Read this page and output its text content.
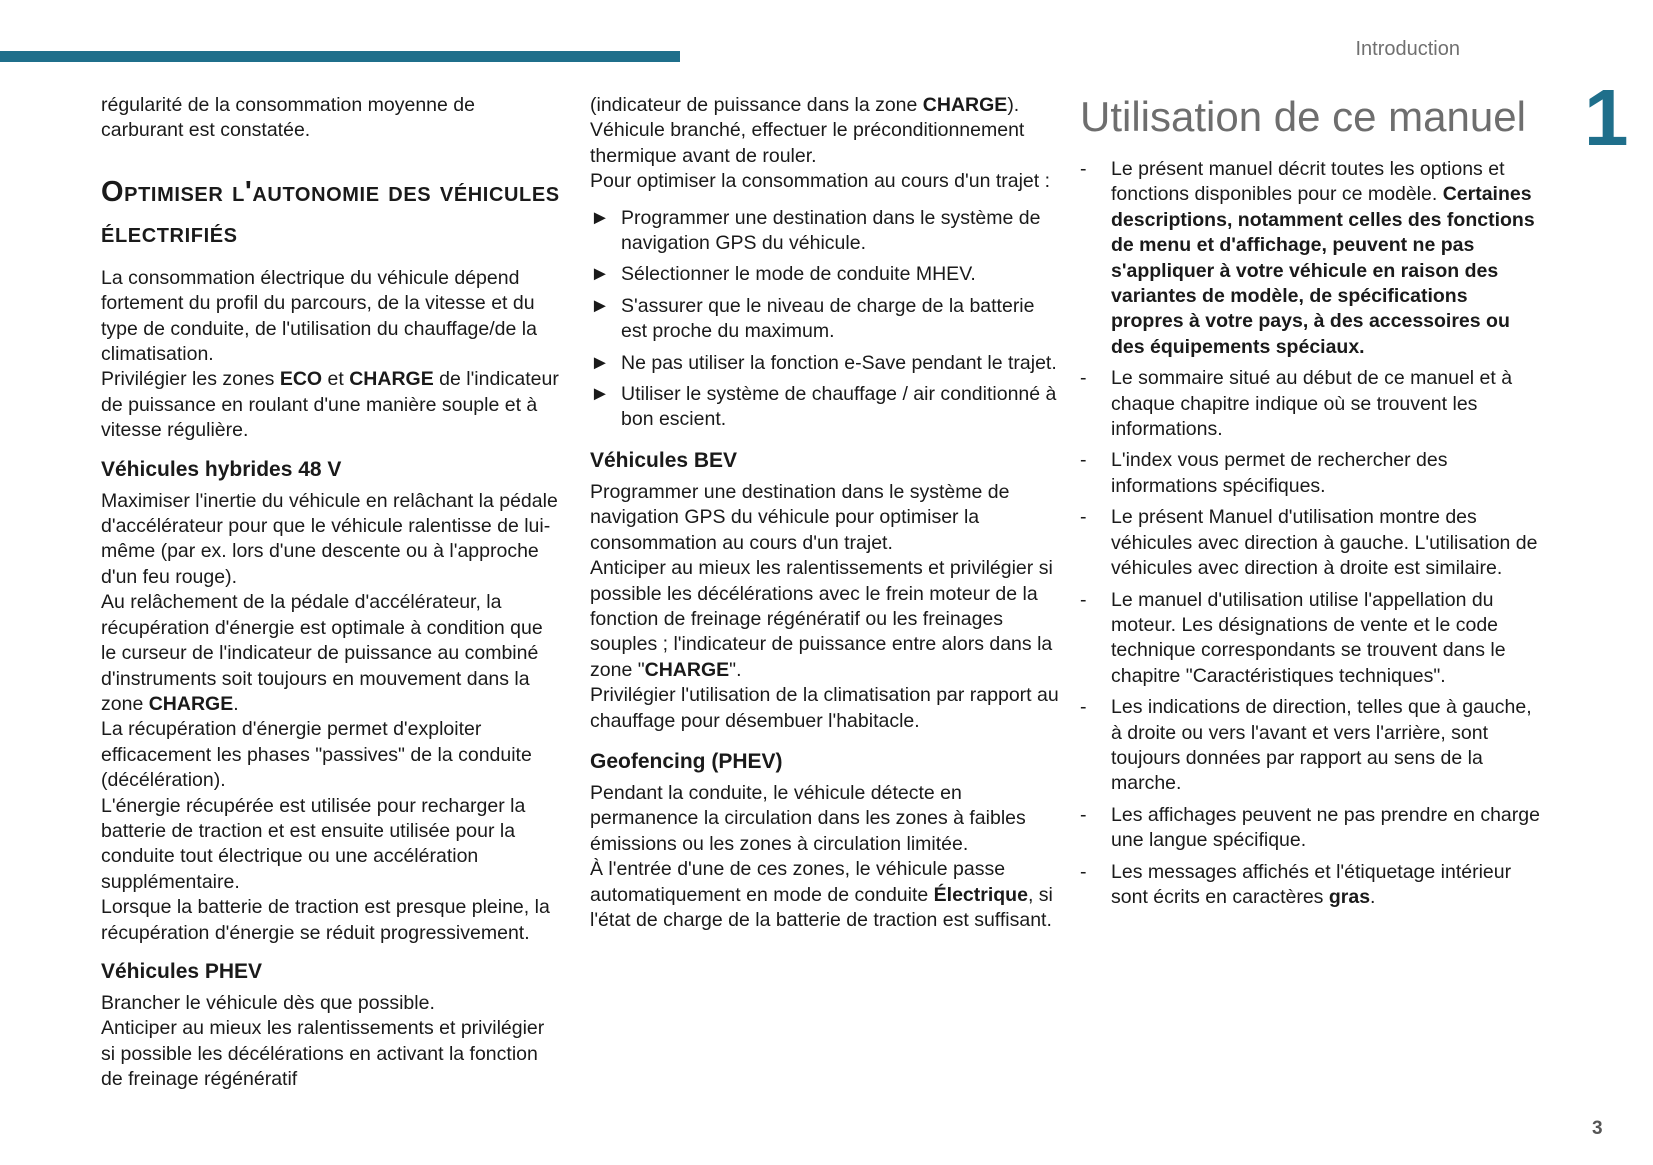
Introduction
1

régularité de la consommation moyenne de carburant est constatée.

Optimiser l'autonomie des véhicules électrifiés

La consommation électrique du véhicule dépend fortement du profil du parcours, de la vitesse et du type de conduite, de l'utilisation du chauffage/de la climatisation.

Privilégier les zones ECO et CHARGE de l'indicateur de puissance en roulant d'une manière souple et à vitesse régulière.

Véhicules hybrides 48 V

Maximiser l'inertie du véhicule en relâchant la pédale d'accélérateur pour que le véhicule ralentisse de lui-même (par ex. lors d'une descente ou à l'approche d'un feu rouge).

Au relâchement de la pédale d'accélérateur, la récupération d'énergie est optimale à condition que le curseur de l'indicateur de puissance au combiné d'instruments soit toujours en mouvement dans la zone CHARGE.

La récupération d'énergie permet d'exploiter efficacement les phases "passives" de la conduite (décélération).

L'énergie récupérée est utilisée pour recharger la batterie de traction et est ensuite utilisée pour la conduite tout électrique ou une accélération supplémentaire.

Lorsque la batterie de traction est presque pleine, la récupération d'énergie se réduit progressivement.

Véhicules PHEV

Brancher le véhicule dès que possible.

Anticiper au mieux les ralentissements et privilégier si possible les décélérations en activant la fonction de freinage régénératif

(indicateur de puissance dans la zone CHARGE).

Véhicule branché, effectuer le préconditionnement thermique avant de rouler.

Pour optimiser la consommation au cours d'un trajet :

► Programmer une destination dans le système de navigation GPS du véhicule.
► Sélectionner le mode de conduite MHEV.
► S'assurer que le niveau de charge de la batterie est proche du maximum.
► Ne pas utiliser la fonction e-Save pendant le trajet.
► Utiliser le système de chauffage / air conditionné à bon escient.
Véhicules BEV

Programmer une destination dans le système de navigation GPS du véhicule pour optimiser la consommation au cours d'un trajet.

Anticiper au mieux les ralentissements et privilégier si possible les décélérations avec le frein moteur de la fonction de freinage régénératif ou les freinages souples ; l'indicateur de puissance entre alors dans la zone "CHARGE".

Privilégier l'utilisation de la climatisation par rapport au chauffage pour désembuer l'habitacle.

Geofencing (PHEV)

Pendant la conduite, le véhicule détecte en permanence la circulation dans les zones à faibles émissions ou les zones à circulation limitée.

À l'entrée d'une de ces zones, le véhicule passe automatiquement en mode de conduite Électrique, si l'état de charge de la batterie de traction est suffisant.

Utilisation de ce manuel
- Le présent manuel décrit toutes les options et fonctions disponibles pour ce modèle. Certaines descriptions, notamment celles des fonctions de menu et d'affichage, peuvent ne pas s'appliquer à votre véhicule en raison des variantes de modèle, de spécifications propres à votre pays, à des accessoires ou des équipements spéciaux.
- Le sommaire situé au début de ce manuel et à chaque chapitre indique où se trouvent les informations.
- L'index vous permet de rechercher des informations spécifiques.
- Le présent Manuel d'utilisation montre des véhicules avec direction à gauche. L'utilisation de véhicules avec direction à droite est similaire.
- Le manuel d'utilisation utilise l'appellation du moteur. Les désignations de vente et le code technique correspondants se trouvent dans le chapitre "Caractéristiques techniques".
- Les indications de direction, telles que à gauche, à droite ou vers l'avant et vers l'arrière, sont toujours données par rapport au sens de la marche.
- Les affichages peuvent ne pas prendre en charge une langue spécifique.
- Les messages affichés et l'étiquetage intérieur sont écrits en caractères gras.
3
